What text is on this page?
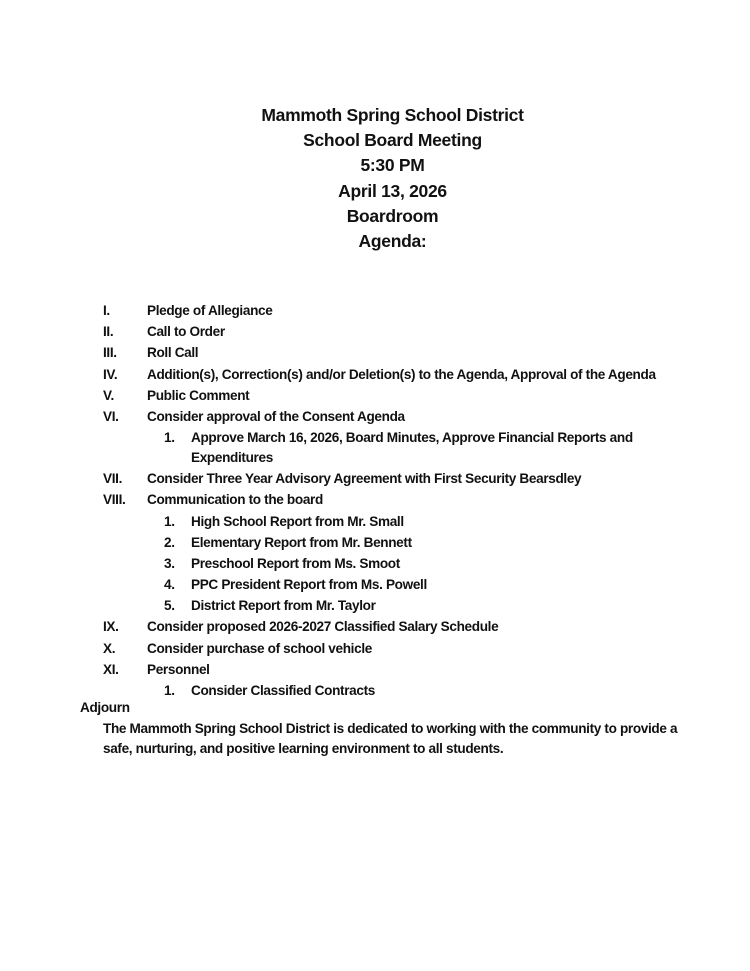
Mammoth Spring School District
School Board Meeting
5:30 PM
April 13, 2026
Boardroom
Agenda:
I.	Pledge of Allegiance
II. Call to Order
III. Roll Call
IV. Addition(s), Correction(s) and/or Deletion(s) to the Agenda, Approval of the Agenda
V. Public Comment
VI. Consider approval of the Consent Agenda
1. Approve March 16, 2026, Board Minutes, Approve Financial Reports and Expenditures
VII. Consider Three Year Advisory Agreement with First Security Bearsdley
VIII. Communication to the board
1. High School Report from Mr. Small
2. Elementary Report from Mr. Bennett
3. Preschool Report from Ms. Smoot
4. PPC President Report from Ms. Powell
5. District Report from Mr. Taylor
IX. Consider proposed 2026-2027 Classified Salary Schedule
X. Consider purchase of school vehicle
XI. Personnel
1. Consider Classified Contracts
Adjourn
The Mammoth Spring School District is dedicated to working with the community to provide a safe, nurturing, and positive learning environment to all students.
